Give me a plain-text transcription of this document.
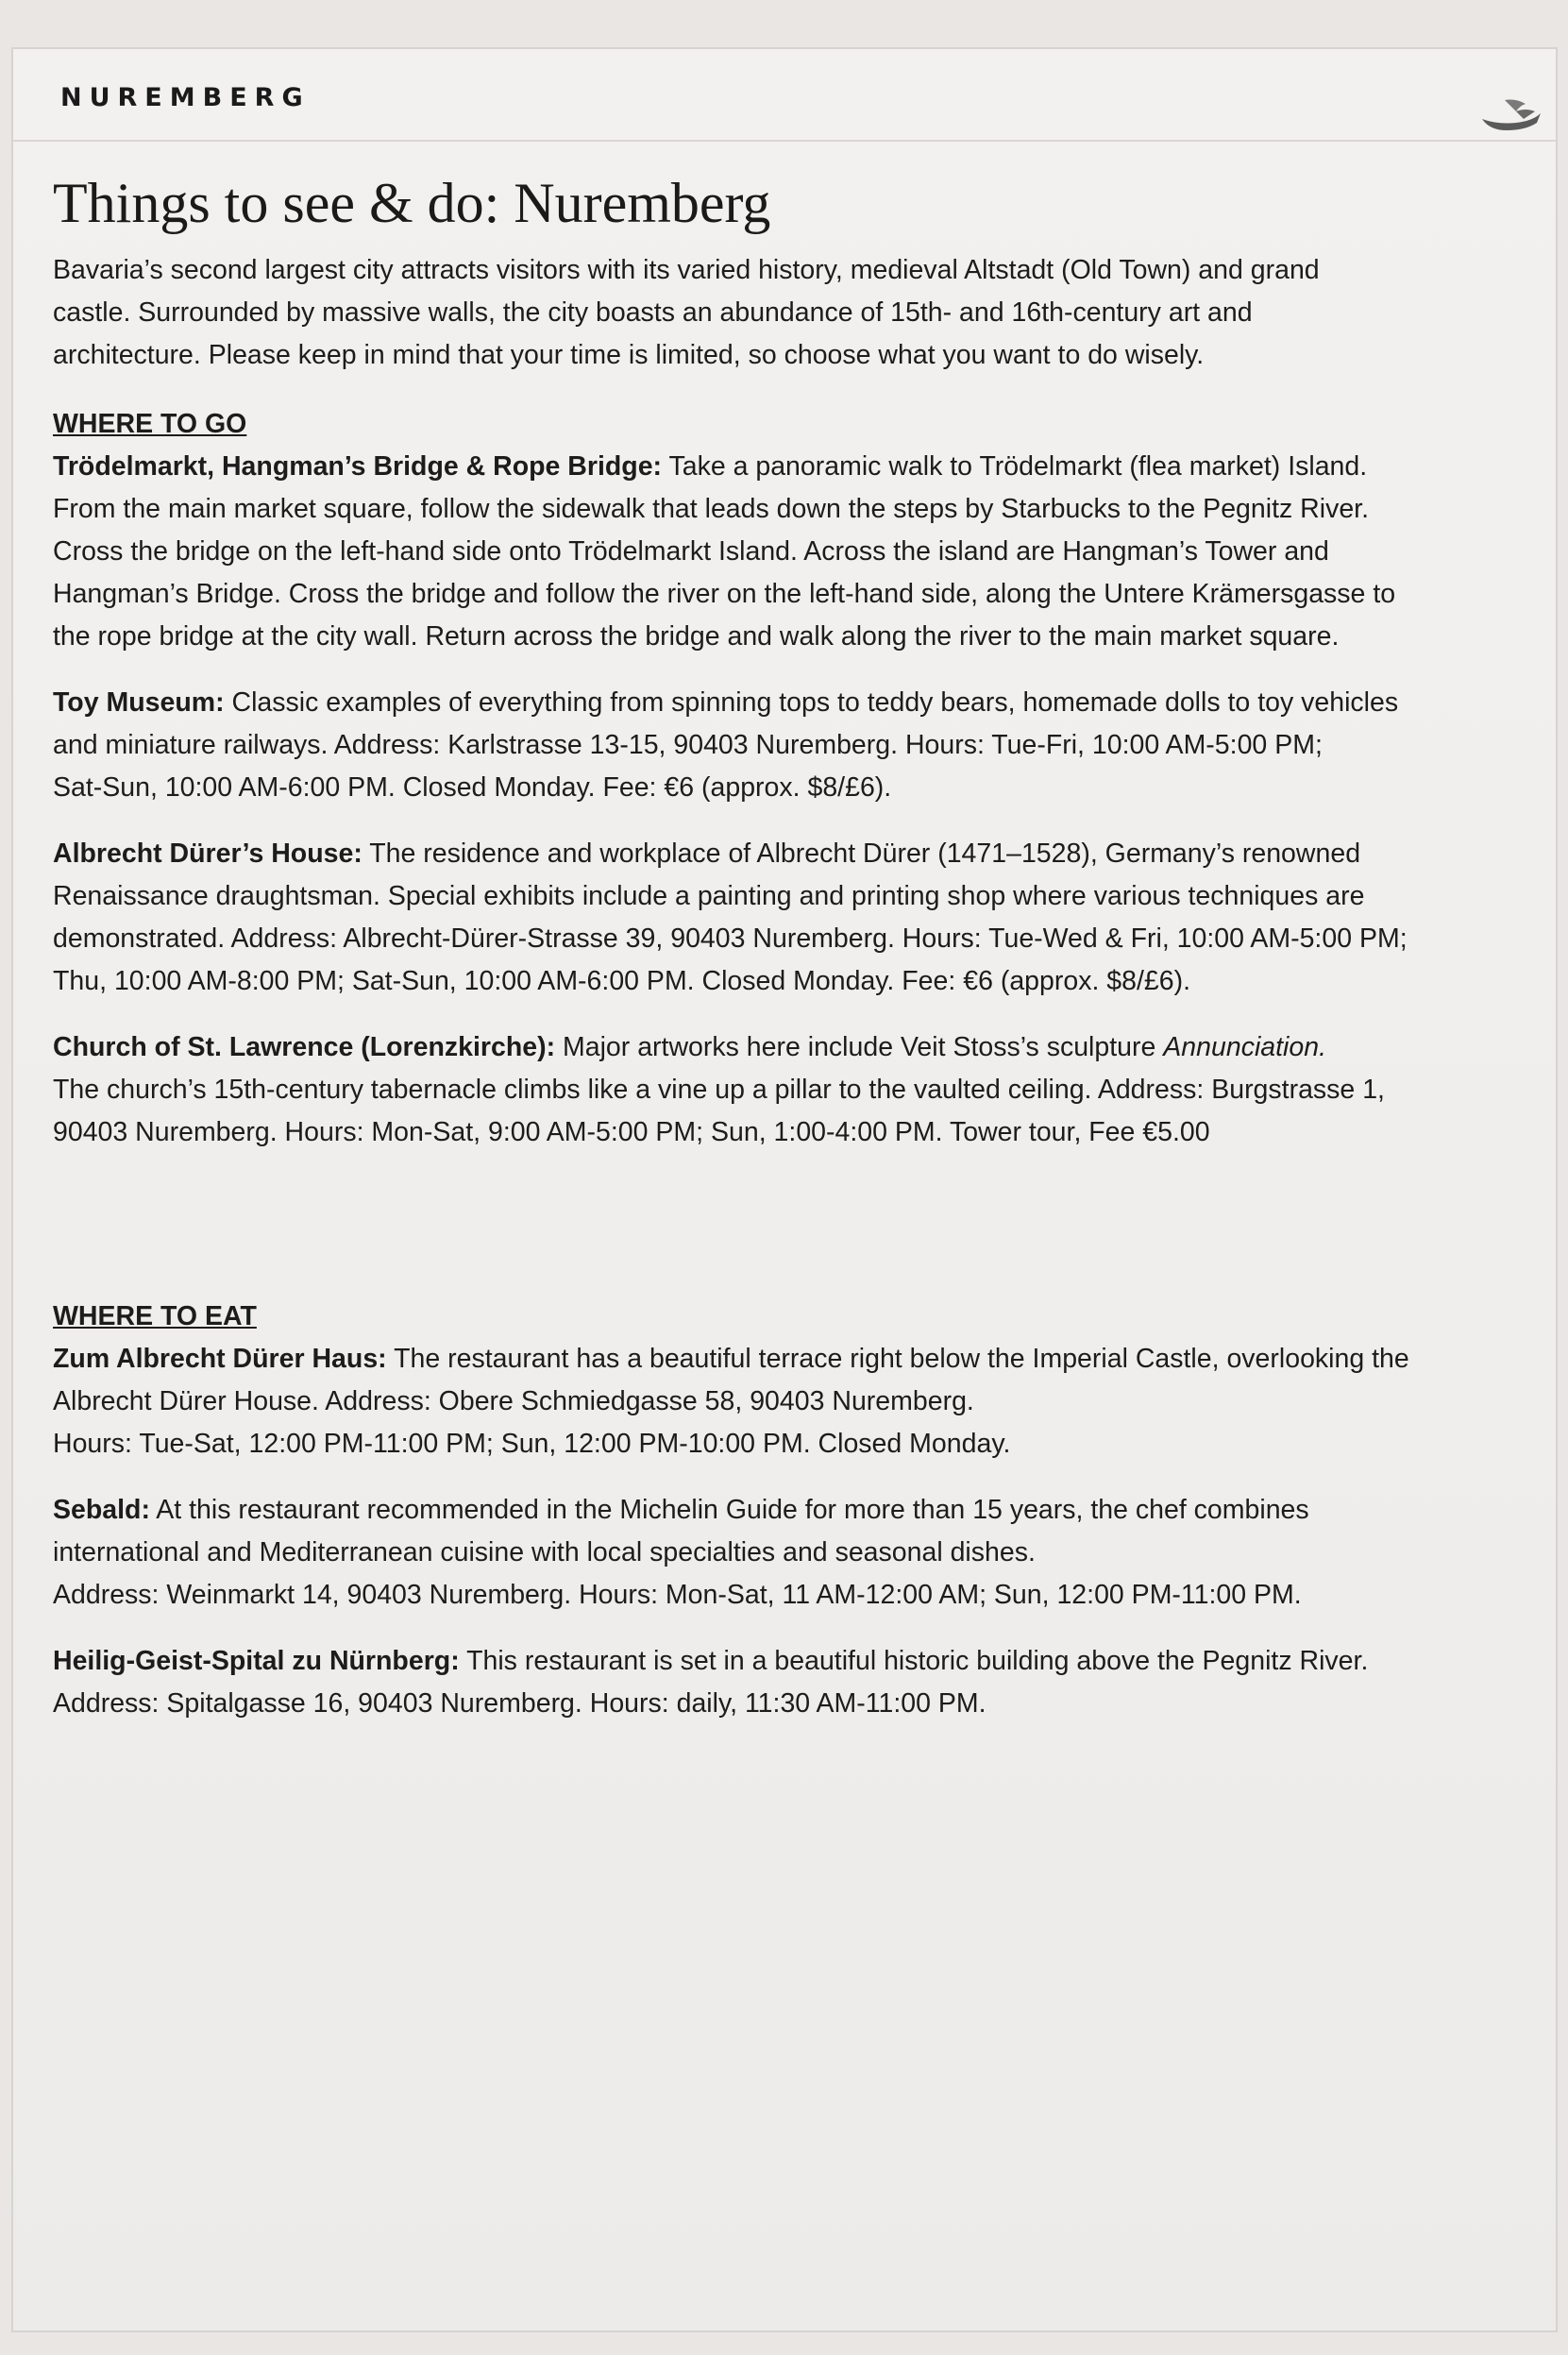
NUREMBERG
Things to see & do: Nuremberg

Bavaria’s second largest city attracts visitors with its varied history, medieval Altstadt (Old Town) and grand
castle. Surrounded by massive walls, the city boasts an abundance of 15th- and 16th-century art and
architecture. Please keep in mind that your time is limited, so choose what you want to do wisely.

WHERE TO GO

Trödelmarkt, Hangman’s Bridge & Rope Bridge: Take a panoramic walk to Trödelmarkt (flea market) Island.
From the main market square, follow the sidewalk that leads down the steps by Starbucks to the Pegnitz River.
Cross the bridge on the left-hand side onto Trödelmarkt Island. Across the island are Hangman’s Tower and
Hangman’s Bridge. Cross the bridge and follow the river on the left-hand side, along the Untere Krämersgasse to
the rope bridge at the city wall. Return across the bridge and walk along the river to the main market square.

Toy Museum: Classic examples of everything from spinning tops to teddy bears, homemade dolls to toy vehicles
and miniature railways. Address: Karlstrasse 13-15, 90403 Nuremberg. Hours: Tue-Fri, 10:00 AM-5:00 PM;
Sat-Sun, 10:00 AM-6:00 PM. Closed Monday. Fee: €6 (approx. $8/£6).

Albrecht Dürer’s House: The residence and workplace of Albrecht Dürer (1471–1528), Germany’s renowned
Renaissance draughtsman. Special exhibits include a painting and printing shop where various techniques are
demonstrated. Address: Albrecht-Dürer-Strasse 39, 90403 Nuremberg. Hours: Tue-Wed & Fri, 10:00 AM-5:00 PM;
Thu, 10:00 AM-8:00 PM; Sat-Sun, 10:00 AM-6:00 PM. Closed Monday. Fee: €6 (approx. $8/£6).

Church of St. Lawrence (Lorenzkirche): Major artworks here include Veit Stoss’s sculpture Annunciation.
The church’s 15th-century tabernacle climbs like a vine up a pillar to the vaulted ceiling. Address: Burgstrasse 1,
90403 Nuremberg. Hours: Mon-Sat, 9:00 AM-5:00 PM; Sun, 1:00-4:00 PM. Tower tour, Fee €5.00

WHERE TO EAT

Zum Albrecht Dürer Haus: The restaurant has a beautiful terrace right below the Imperial Castle, overlooking the
Albrecht Dürer House. Address: Obere Schmiedgasse 58, 90403 Nuremberg.
Hours: Tue-Sat, 12:00 PM-11:00 PM; Sun, 12:00 PM-10:00 PM. Closed Monday.

Sebald: At this restaurant recommended in the Michelin Guide for more than 15 years, the chef combines
international and Mediterranean cuisine with local specialties and seasonal dishes.
Address: Weinmarkt 14, 90403 Nuremberg. Hours: Mon-Sat, 11 AM-12:00 AM; Sun, 12:00 PM-11:00 PM.

Heilig-Geist-Spital zu Nürnberg: This restaurant is set in a beautiful historic building above the Pegnitz River.
Address: Spitalgasse 16, 90403 Nuremberg. Hours: daily, 11:30 AM-11:00 PM.
